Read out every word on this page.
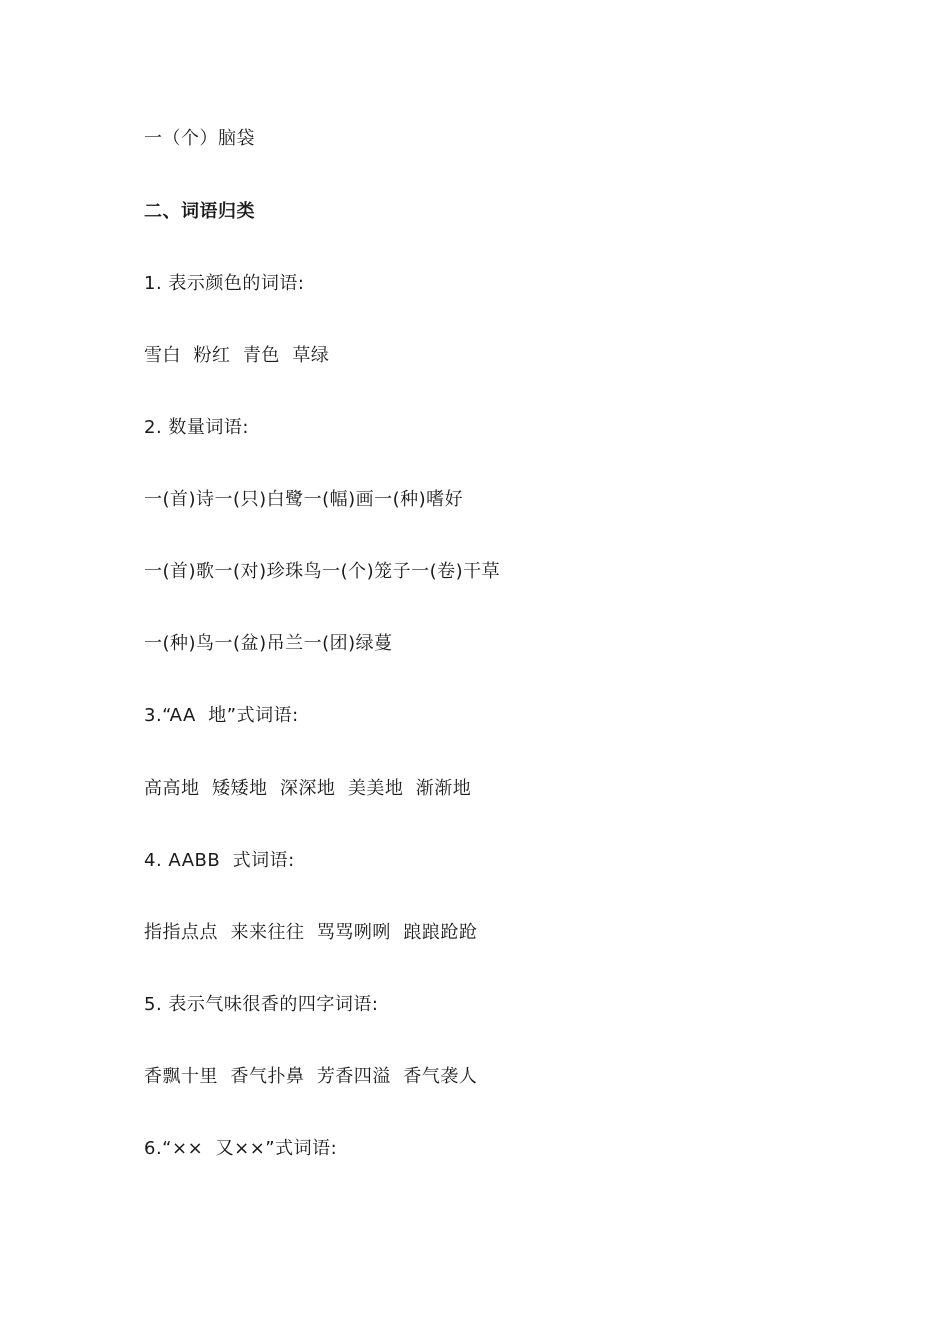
一（个）脑袋
二、词语归类
1. 表示颜色的词语:
雪白  粉红  青色  草绿
2. 数量词语:
一(首)诗一(只)白鹭一(幅)画一(种)嗜好
一(首)歌一(对)珍珠鸟一(个)笼子一(卷)干草
一(种)鸟一(盆)吊兰一(团)绿蔓
3.“AA  地”式词语:
高高地  矮矮地  深深地  美美地  渐渐地
4. AABB  式词语:
指指点点  来来往往  骂骂咧咧  踉踉跄跄
5. 表示气味很香的四字词语:
香飘十里  香气扑鼻  芳香四溢  香气袭人
6.“××  又××”式词语:
